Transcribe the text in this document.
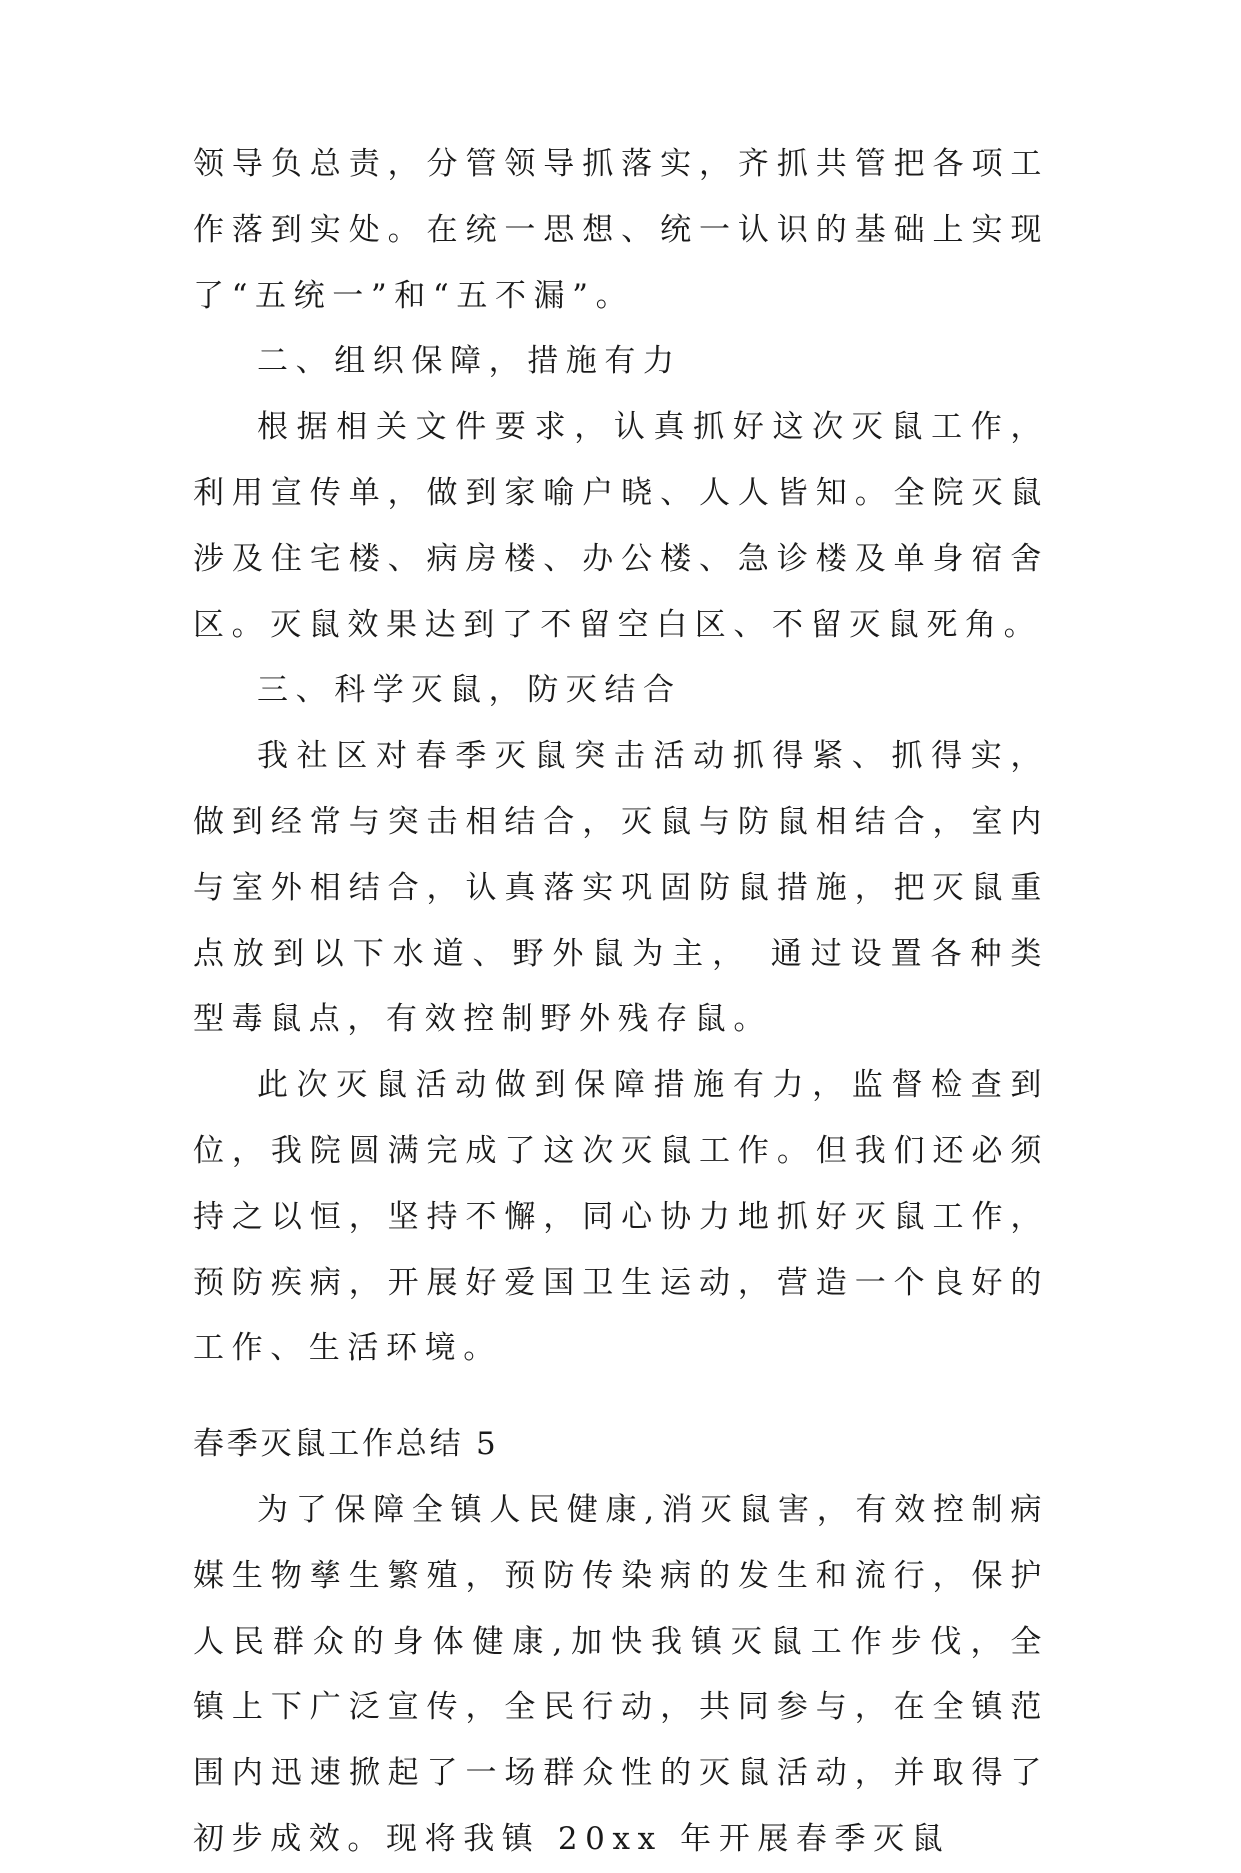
领导负总责，分管领导抓落实，齐抓共管把各项工作落到实处。在统一思想、统一认识的基础上实现了“五统一”和“五不漏”。

二、组织保障，措施有力

根据相关文件要求，认真抓好这次灭鼠工作，利用宣传单，做到家喻户晓、人人皆知。全院灭鼠涉及住宅楼、病房楼、办公楼、急诊楼及单身宿舍区。灭鼠效果达到了不留空白区、不留灭鼠死角。

三、科学灭鼠，防灭结合

我社区对春季灭鼠突击活动抓得紧、抓得实，做到经常与突击相结合，灭鼠与防鼠相结合，室内与室外相结合，认真落实巩固防鼠措施，把灭鼠重点放到以下水道、野外鼠为主， 通过设置各种类型毒鼠点，有效控制野外残存鼠。

此次灭鼠活动做到保障措施有力，监督检查到位，我院圆满完成了这次灭鼠工作。但我们还必须持之以恒，坚持不懈，同心协力地抓好灭鼠工作，预防疾病，开展好爱国卫生运动，营造一个良好的工作、生活环境。

春季灭鼠工作总结 5

为了保障全镇人民健康,消灭鼠害，有效控制病媒生物孳生繁殖，预防传染病的发生和流行，保护人民群众的身体健康,加快我镇灭鼠工作步伐，全镇上下广泛宣传，全民行动，共同参与，在全镇范围内迅速掀起了一场群众性的灭鼠活动，并取得了初步成效。现将我镇 20xx 年开展春季灭鼠
